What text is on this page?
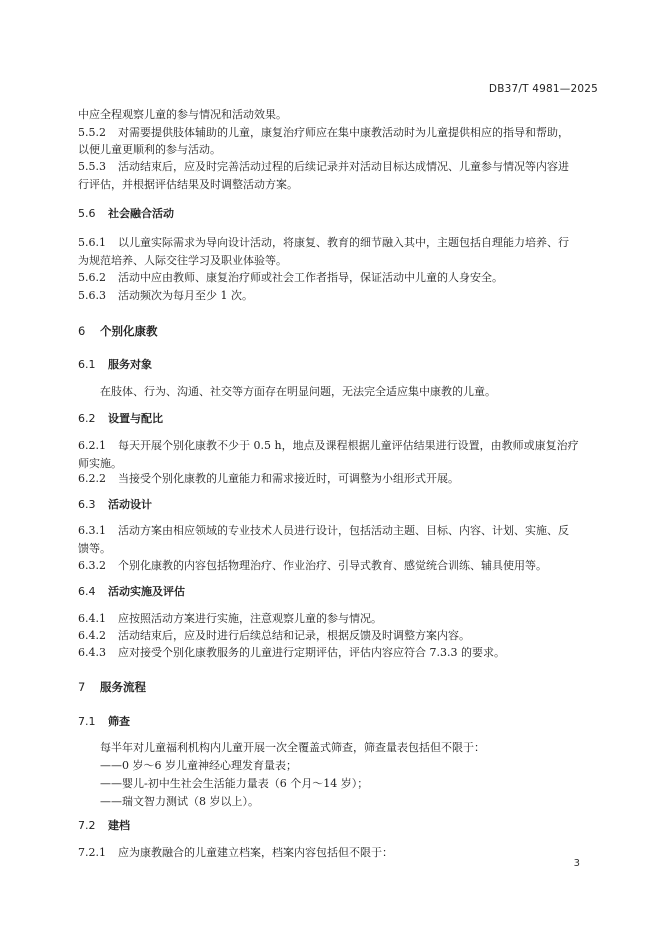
DB37/T 4981—2025
中应全程观察儿童的参与情况和活动效果。
5.5.2 对需要提供肢体辅助的儿童，康复治疗师应在集中康教活动时为儿童提供相应的指导和帮助，
以便儿童更顺利的参与活动。
5.5.3 活动结束后，应及时完善活动过程的后续记录并对活动目标达成情况、儿童参与情况等内容进
行评估，并根据评估结果及时调整活动方案。
5.6 社会融合活动
5.6.1 以儿童实际需求为导向设计活动，将康复、教育的细节融入其中，主题包括自理能力培养、行
为规范培养、人际交往学习及职业体验等。
5.6.2 活动中应由教师、康复治疗师或社会工作者指导，保证活动中儿童的人身安全。
5.6.3 活动频次为每月至少 1 次。
6 个别化康教
6.1 服务对象
在肢体、行为、沟通、社交等方面存在明显问题，无法完全适应集中康教的儿童。
6.2 设置与配比
6.2.1 每天开展个别化康教不少于 0.5 h，地点及课程根据儿童评估结果进行设置，由教师或康复治疗
师实施。
6.2.2 当接受个别化康教的儿童能力和需求接近时，可调整为小组形式开展。
6.3 活动设计
6.3.1 活动方案由相应领域的专业技术人员进行设计，包括活动主题、目标、内容、计划、实施、反
馈等。
6.3.2 个别化康教的内容包括物理治疗、作业治疗、引导式教育、感觉统合训练、辅具使用等。
6.4 活动实施及评估
6.4.1 应按照活动方案进行实施，注意观察儿童的参与情况。
6.4.2 活动结束后，应及时进行后续总结和记录，根据反馈及时调整方案内容。
6.4.3 应对接受个别化康教服务的儿童进行定期评估，评估内容应符合 7.3.3 的要求。
7 服务流程
7.1 筛查
每半年对儿童福利机构内儿童开展一次全覆盖式筛查，筛查量表包括但不限于：
——0 岁～6 岁儿童神经心理发育量表；
——婴儿-初中生社会生活能力量表（6 个月～14 岁）；
——瑞文智力测试（8 岁以上）。
7.2 建档
7.2.1 应为康教融合的儿童建立档案，档案内容包括但不限于：
3
